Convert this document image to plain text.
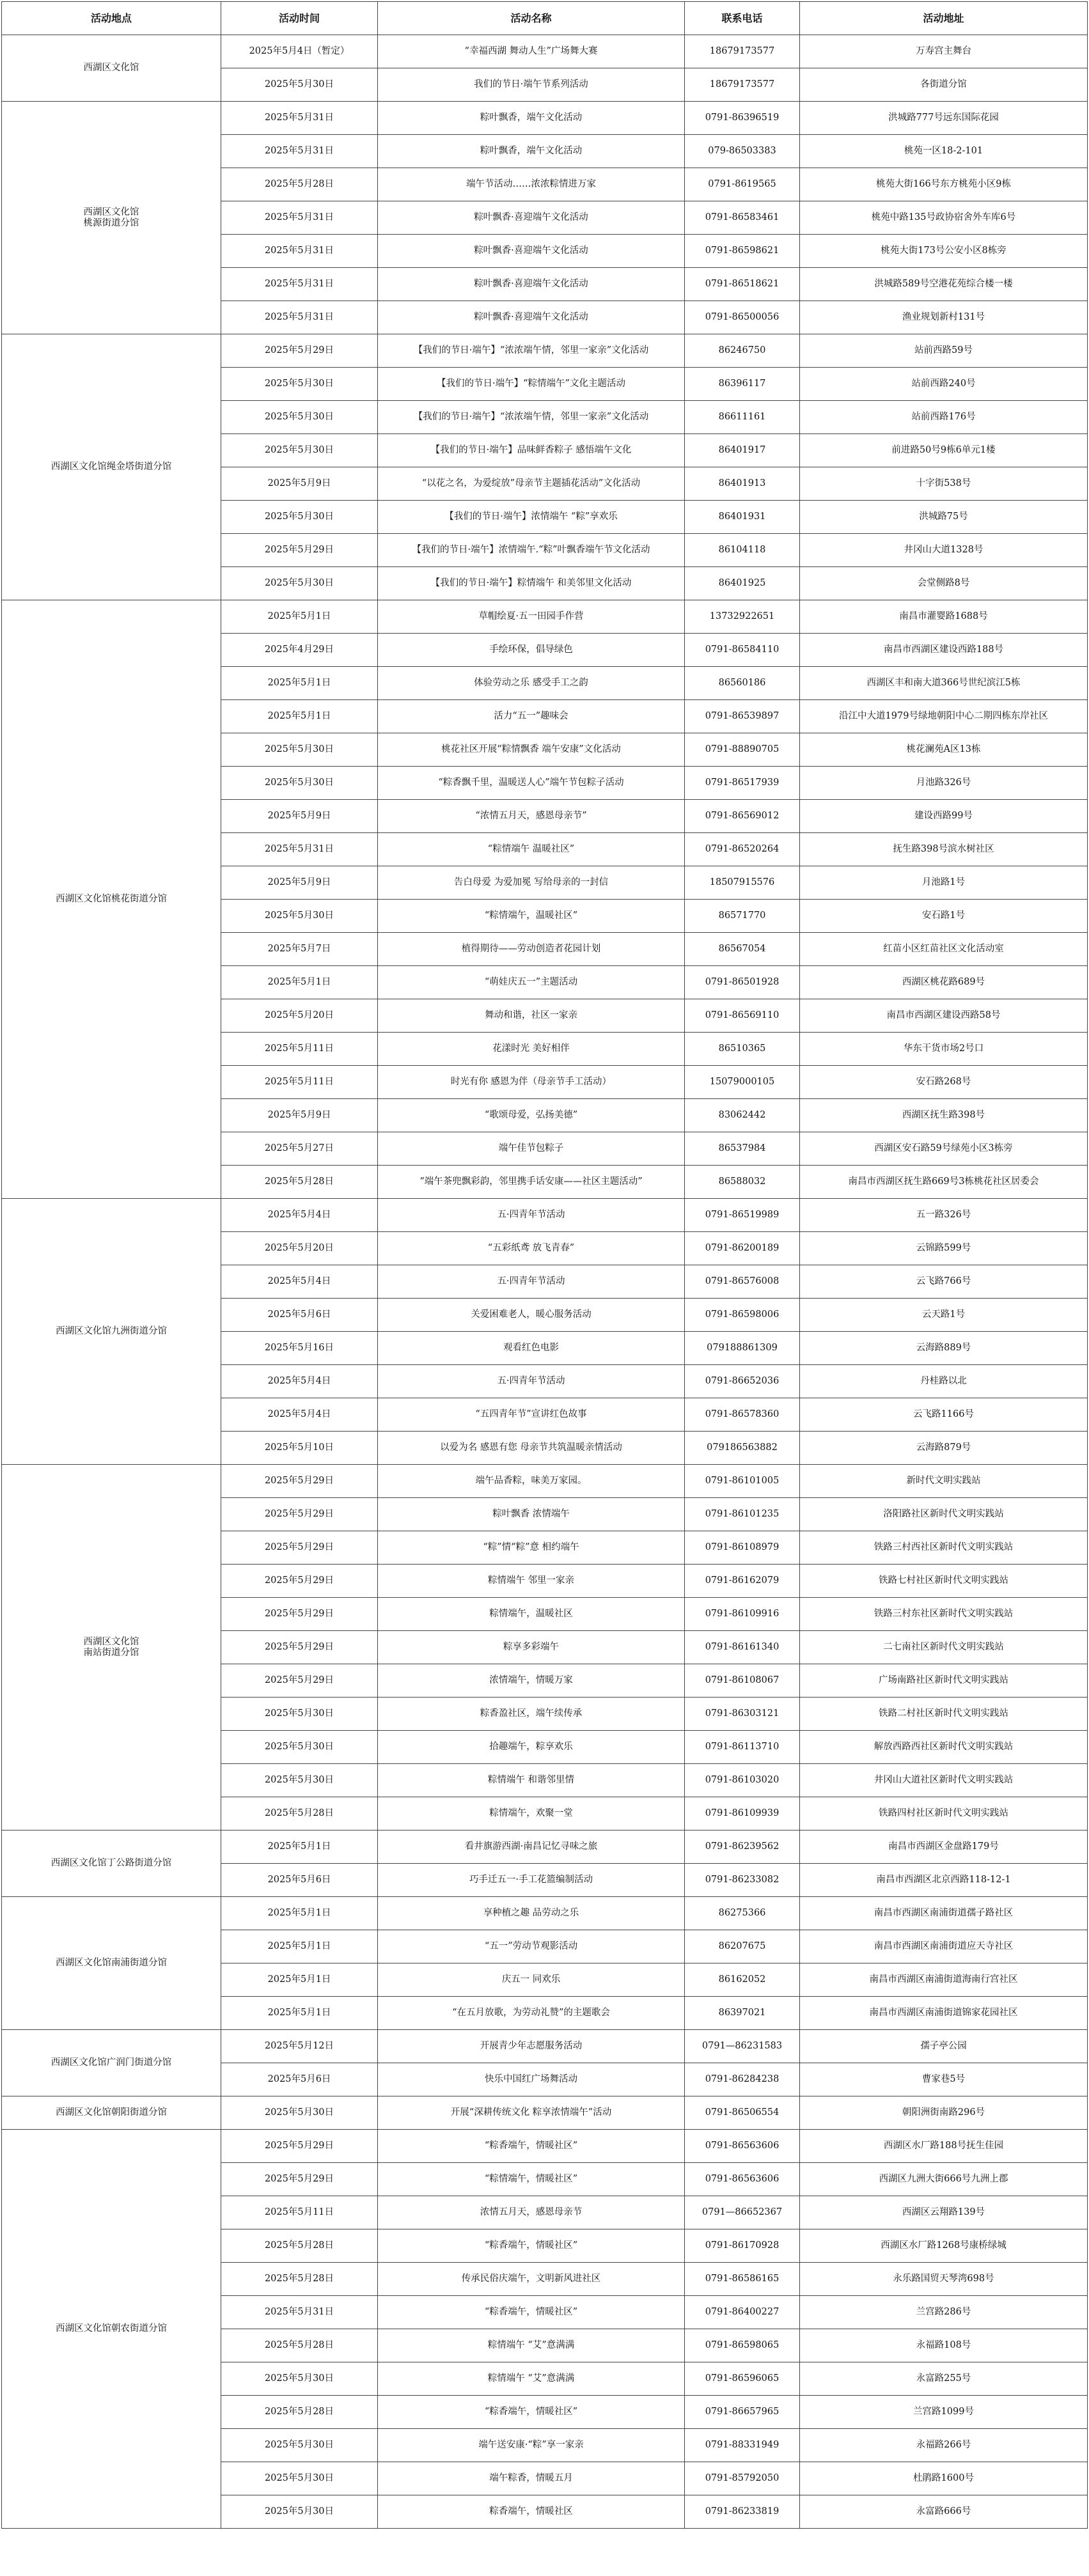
活动地点	活动时间	活动名称	联系电话	活动地址
西湖区文化馆	2025年5月4日（暂定）	“幸福西湖 舞动人生”广场舞大赛	18679173577	万寿宫主舞台
	2025年5月30日	我们的节日·端午节系列活动	18679173577	各街道分馆
西湖区文化馆
桃源街道分馆	2025年5月31日	粽叶飘香，端午文化活动	0791-86396519	洪城路777号远东国际花园
	2025年5月31日	粽叶飘香，端午文化活动	079-86503383	桃苑一区18-2-101
	2025年5月28日	端午节活动……浓浓粽情进万家	0791-8619565	桃苑大街166号东方桃苑小区9栋
	2025年5月31日	粽叶飘香·喜迎端午文化活动	0791-86583461	桃苑中路135号政协宿舍外车库6号
	2025年5月31日	粽叶飘香·喜迎端午文化活动	0791-86598621	桃苑大街173号公安小区8栋旁
	2025年5月31日	粽叶飘香·喜迎端午文化活动	0791-86518621	洪城路589号空港花苑综合楼一楼
	2025年5月31日	粽叶飘香·喜迎端午文化活动	0791-86500056	渔业规划新村131号
西湖区文化馆绳金塔街道分馆	2025年5月29日	【我们的节日·端午】“浓浓端午情，邻里一家亲”文化活动	86246750	站前西路59号
	2025年5月30日	【我们的节日·端午】“粽情端午”文化主题活动	86396117	站前西路240号
	2025年5月30日	【我们的节日·端午】“浓浓端午情，邻里一家亲”文化活动	86611161	站前西路176号
	2025年5月30日	【我们的节日·端午】品味鲜香粽子 感悟端午文化	86401917	前进路50号9栋6单元1楼
	2025年5月9日	“以花之名，为爱绽放”母亲节主题插花活动”文化活动	86401913	十字街538号
	2025年5月30日	【我们的节日·端午】浓情端午 “粽”享欢乐	86401931	洪城路75号
	2025年5月29日	【我们的节日·端午】浓情端午.“粽”叶飘香端午节文化活动	86104118	井冈山大道1328号
	2025年5月30日	【我们的节日·端午】粽情端午 和美邻里文化活动	86401925	会堂侧路8号
西湖区文化馆桃花街道分馆	2025年5月1日	草帽绘夏·五一田园手作营	13732922651	南昌市灌婴路1688号
	2025年4月29日	手绘环保，倡导绿色	0791-86584110	南昌市西湖区建设西路188号
	2025年5月1日	体验劳动之乐 感受手工之韵	86560186	西湖区丰和南大道366号世纪滨江5栋
	2025年5月1日	活力“五一”趣味会	0791-86539897	沿江中大道1979号绿地朝阳中心二期四栋东岸社区
	2025年5月30日	桃花社区开展“粽情飘香 端午安康”文化活动	0791-88890705	桃花澜苑A区13栋
	2025年5月30日	“粽香飘千里，温暖送人心”端午节包粽子活动	0791-86517939	月池路326号
	2025年5月9日	“浓情五月天，感恩母亲节”	0791-86569012	建设西路99号
	2025年5月31日	“粽情端午 温暖社区”	0791-86520264	抚生路398号滨水树社区
	2025年5月9日	告白母爱 为爱加冕 写给母亲的一封信	18507915576	月池路1号
	2025年5月30日	“粽情端午，温暖社区”	86571770	安石路1号
	2025年5月7日	植得期待——劳动创造者花园计划	86567054	红苗小区红苗社区文化活动室
	2025年5月1日	“萌娃庆五一”主题活动	0791-86501928	西湖区桃花路689号
	2025年5月20日	舞动和谐，社区一家亲	0791-86569110	南昌市西湖区建设西路58号
	2025年5月11日	花漾时光 美好相伴	86510365	华东干货市场2号口
	2025年5月11日	时光有你 感恩为伴（母亲节手工活动）	15079000105	安石路268号
	2025年5月9日	“歌颂母爱，弘扬美德”	83062442	西湖区抚生路398号
	2025年5月27日	端午佳节包粽子	86537984	西湖区安石路59号绿苑小区3栋旁
	2025年5月28日	“端午茶兜飘彩韵，邻里携手话安康——社区主题活动”	86588032	南昌市西湖区抚生路669号3栋桃花社区居委会
西湖区文化馆九洲街道分馆	2025年5月4日	五·四青年节活动	0791-86519989	五一路326号
	2025年5月20日	“五彩纸鸢 放飞青春”	0791-86200189	云锦路599号
	2025年5月4日	五·四青年节活动	0791-86576008	云飞路766号
	2025年5月6日	关爱困难老人，暖心服务活动	0791-86598006	云天路1号
	2025年5月16日	观看红色电影	079188861309	云海路889号
	2025年5月4日	五·四青年节活动	0791-86652036	丹桂路以北
	2025年5月4日	“五四青年节”宣讲红色故事	0791-86578360	云飞路1166号
	2025年5月10日	以爱为名 感恩有您 母亲节共筑温暖亲情活动	079186563882	云海路879号
西湖区文化馆
南站街道分馆	2025年5月29日	端午品香粽，味美万家园。	0791-86101005	新时代文明实践站
	2025年5月29日	粽叶飘香 浓情端午	0791-86101235	洛阳路社区新时代文明实践站
	2025年5月29日	“粽”情“粽”意 相约端午	0791-86108979	铁路三村西社区新时代文明实践站
	2025年5月29日	粽情端午 邻里一家亲	0791-86162079	铁路七村社区新时代文明实践站
	2025年5月29日	粽情端午，温暖社区	0791-86109916	铁路三村东社区新时代文明实践站
	2025年5月29日	粽享多彩端午	0791-86161340	二七南社区新时代文明实践站
	2025年5月29日	浓情端午，情暖万家	0791-86108067	广场南路社区新时代文明实践站
	2025年5月30日	粽香盈社区，端午续传承	0791-86303121	铁路二村社区新时代文明实践站
	2025年5月30日	拾趣端午，粽享欢乐	0791-86113710	解放西路西社区新时代文明实践站
	2025年5月30日	粽情端午 和谐邻里情	0791-86103020	井冈山大道社区新时代文明实践站
	2025年5月28日	粽情端午，欢聚一堂	0791-86109939	铁路四村社区新时代文明实践站
西湖区文化馆丁公路街道分馆	2025年5月1日	看井旗游西湖·南昌记忆寻味之旅	0791-86239562	南昌市西湖区金盘路179号
	2025年5月6日	巧手迁五一·手工花篮编制活动	0791-86233082	南昌市西湖区北京西路118-12-1
西湖区文化馆南浦街道分馆	2025年5月1日	享种植之趣 品劳动之乐	86275366	南昌市西湖区南浦街道孺子路社区
	2025年5月1日	“五一”劳动节观影活动	86207675	南昌市西湖区南浦街道应天寺社区
	2025年5月1日	庆五一 同欢乐	86162052	南昌市西湖区南浦街道海南行宫社区
	2025年5月1日	“在五月放歌，为劳动礼赞”的主题歌会	86397021	南昌市西湖区南浦街道锦家花园社区
西湖区文化馆广润门街道分馆	2025年5月12日	开展青少年志愿服务活动	0791—86231583	孺子亭公园
	2025年5月6日	快乐中国红广场舞活动	0791-86284238	曹家巷5号
西湖区文化馆朝阳街道分馆	2025年5月30日	开展“深耕传统文化 粽享浓情端午”活动	0791-86506554	朝阳洲街南路296号
西湖区文化馆朝农街道分馆	2025年5月29日	“粽香端午，情暖社区”	0791-86563606	西湖区水厂路188号抚生佳园
	2025年5月29日	“粽情端午，情暖社区”	0791-86563606	西湖区九洲大街666号九洲上郡
	2025年5月11日	浓情五月天，感恩母亲节	0791—86652367	西湖区云翔路139号
	2025年5月28日	“粽香端午，情暖社区”	0791-86170928	西湖区水厂路1268号康桥绿城
	2025年5月28日	传承民俗庆端午，文明新风进社区	0791-86586165	永乐路国贸天琴湾698号
	2025年5月31日	“粽香端午，情暖社区”	0791-86400227	兰宫路286号
	2025年5月28日	粽情端午 “艾”意满满	0791-86598065	永福路108号
	2025年5月30日	粽情端午 “艾”意满满	0791-86596065	永富路255号
	2025年5月28日	“粽香端午，情暖社区”	0791-86657965	兰宫路1099号
	2025年5月30日	端午送安康·“粽”享一家亲	0791-88331949	永福路266号
	2025年5月30日	端午粽香，情暖五月	0791-85792050	杜鹃路1600号
	2025年5月30日	粽香端午，情暖社区	0791-86233819	永富路666号
